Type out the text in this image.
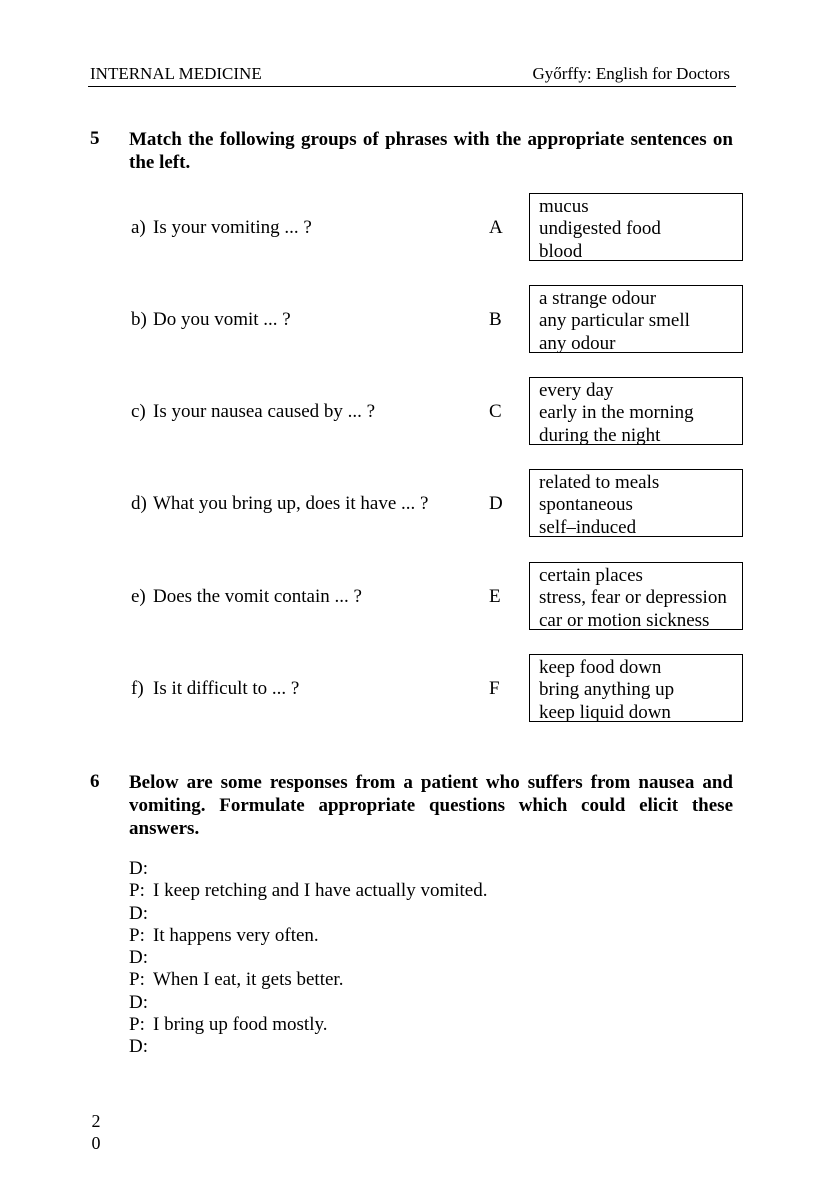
INTERNAL MEDICINE	Győrffy: English for Doctors
5 Match the following groups of phrases with the appropriate sentences on the left.
a) Is your vomiting ... ?	A
mucus
undigested food
blood
b) Do you vomit ... ?	B
a strange odour
any particular smell
any odour
c) Is your nausea caused by ... ?	C
every day
early in the morning
during the night
d) What you bring up, does it have ... ?	D
related to meals
spontaneous
self–induced
e) Does the vomit contain ... ?	E
certain places
stress, fear or depression
car or motion sickness
f) Is it difficult to ... ?	F
keep food down
bring anything up
keep liquid down
6 Below are some responses from a patient who suffers from nausea and vomiting. Formulate appropriate questions which could elicit these answers.
D:
P: I keep retching and I have actually vomited.
D:
P: It happens very often.
D:
P: When I eat, it gets better.
D:
P: I bring up food mostly.
D:
2
0
